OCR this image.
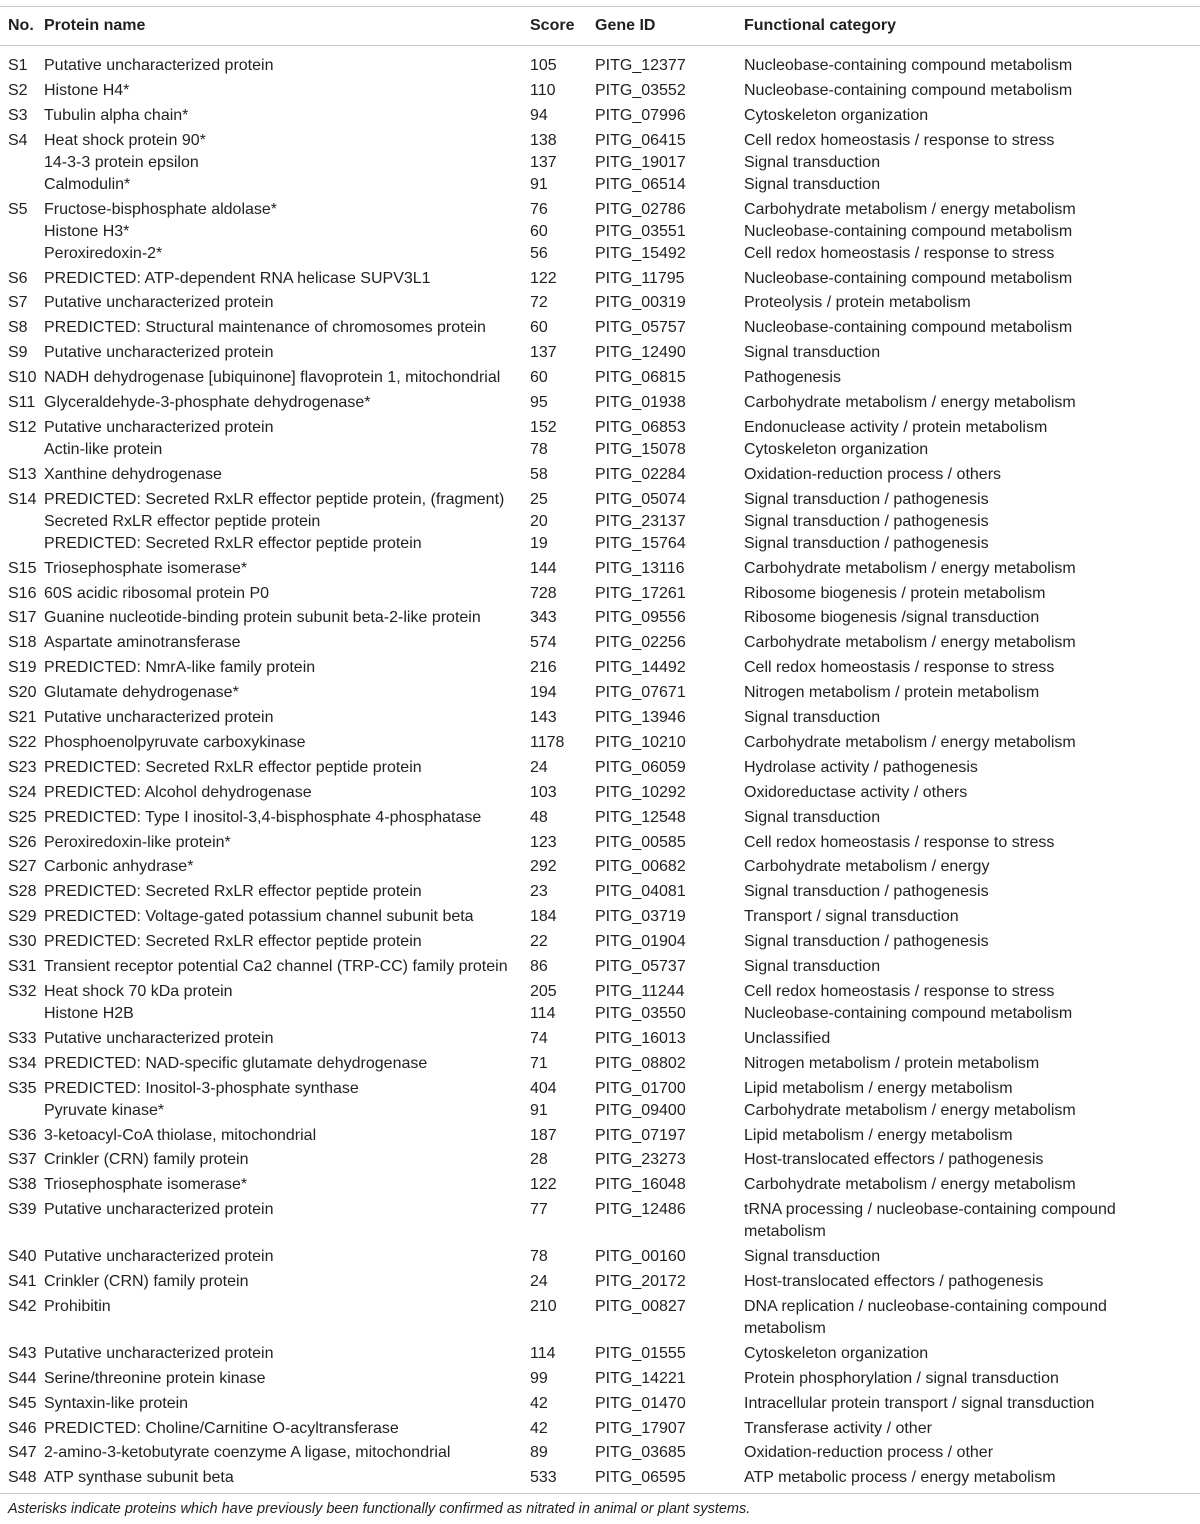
No. Protein name	Score Gene ID	Functional category
S1 Putative uncharacterized protein	105 PITG_12377	Nucleobase-containing compound metabolism
S2 Histone H4*	110 PITG_03552	Nucleobase-containing compound metabolism
S3 Tubulin alpha chain*	94	PITG_07996	Cytoskeleton organization
S4 Heat shock protein 90*	138 PITG_06415	Cell redox homeostasis / response to stress
14-3-3 protein epsilon	137 PITG_19017	Signal transduction
Calmodulin*	91	PITG_06514	Signal transduction
S5 Fructose-bisphosphate aldolase*	76	PITG_02786	Carbohydrate metabolism / energy metabolism
Histone H3*	60	PITG_03551	Nucleobase-containing compound metabolism
Peroxiredoxin-2*	56	PITG_15492	Cell redox homeostasis / response to stress
S6 PREDICTED: ATP-dependent RNA helicase SUPV3L1	122 PITG_11795	Nucleobase-containing compound metabolism
S7 Putative uncharacterized protein	72	PITG_00319	Proteolysis / protein metabolism
S8 PREDICTED: Structural maintenance of chromosomes protein	60	PITG_05757	Nucleobase-containing compound metabolism
S9 Putative uncharacterized protein	137 PITG_12490	Signal transduction
S10 NADH dehydrogenase [ubiquinone] flavoprotein 1, mitochondrial 60	PITG_06815	Pathogenesis
S11 Glyceraldehyde-3-phosphate dehydrogenase*	95	PITG_01938	Carbohydrate metabolism / energy metabolism
S12 Putative uncharacterized protein	152 PITG_06853	Endonuclease activity / protein metabolism
Actin-like protein	78	PITG_15078	Cytoskeleton organization
S13 Xanthine dehydrogenase	58	PITG_02284	Oxidation-reduction process / others
S14 PREDICTED: Secreted RxLR effector peptide protein, (fragment) 25	PITG_05074	Signal transduction / pathogenesis
Secreted RxLR effector peptide protein	20	PITG_23137	Signal transduction / pathogenesis
PREDICTED: Secreted RxLR effector peptide protein	19	PITG_15764	Signal transduction / pathogenesis
S15 Triosephosphate isomerase*	144 PITG_13116	Carbohydrate metabolism / energy metabolism
S16 60S acidic ribosomal protein P0	728 PITG_17261	Ribosome biogenesis / protein metabolism
S17 Guanine nucleotide-binding protein subunit beta-2-like protein	343 PITG_09556	Ribosome biogenesis /signal transduction
S18 Aspartate aminotransferase	574 PITG_02256	Carbohydrate metabolism / energy metabolism
S19 PREDICTED: NmrA-like family protein	216 PITG_14492	Cell redox homeostasis / response to stress
S20 Glutamate dehydrogenase*	194 PITG_07671	Nitrogen metabolism / protein metabolism
S21 Putative uncharacterized protein	143 PITG_13946	Signal transduction
S22 Phosphoenolpyruvate carboxykinase	1178 PITG_10210	Carbohydrate metabolism / energy metabolism
S23 PREDICTED: Secreted RxLR effector peptide protein	24	PITG_06059	Hydrolase activity / pathogenesis
S24 PREDICTED: Alcohol dehydrogenase	103 PITG_10292	Oxidoreductase activity / others
S25 PREDICTED: Type I inositol-3,4-bisphosphate 4-phosphatase	48	PITG_12548	Signal transduction
S26 Peroxiredoxin-like protein*	123 PITG_00585	Cell redox homeostasis / response to stress
S27 Carbonic anhydrase*	292 PITG_00682	Carbohydrate metabolism / energy
S28 PREDICTED: Secreted RxLR effector peptide protein	23	PITG_04081	Signal transduction / pathogenesis
S29 PREDICTED: Voltage-gated potassium channel subunit beta	184 PITG_03719	Transport / signal transduction
S30 PREDICTED: Secreted RxLR effector peptide protein	22	PITG_01904	Signal transduction / pathogenesis
S31 Transient receptor potential Ca2 channel (TRP-CC) family protein 86	PITG_05737	Signal transduction
S32 Heat shock 70 kDa protein	205 PITG_11244	Cell redox homeostasis / response to stress
Histone H2B	114 PITG_03550	Nucleobase-containing compound metabolism
S33 Putative uncharacterized protein	74	PITG_16013	Unclassified
S34 PREDICTED: NAD-specific glutamate dehydrogenase	71	PITG_08802	Nitrogen metabolism / protein metabolism
S35 PREDICTED: Inositol-3-phosphate synthase	404 PITG_01700	Lipid metabolism / energy metabolism
Pyruvate kinase*	91	PITG_09400	Carbohydrate metabolism / energy metabolism
S36 3-ketoacyl-CoA thiolase, mitochondrial	187 PITG_07197	Lipid metabolism / energy metabolism
S37 Crinkler (CRN) family protein	28	PITG_23273	Host-translocated effectors / pathogenesis
S38 Triosephosphate isomerase*	122 PITG_16048	Carbohydrate metabolism / energy metabolism
S39 Putative uncharacterized protein	77	PITG_12486	tRNA processing / nucleobase-containing compound
metabolism
S40 Putative uncharacterized protein	78	PITG_00160	Signal transduction
S41 Crinkler (CRN) family protein	24	PITG_20172	Host-translocated effectors / pathogenesis
S42 Prohibitin	210 PITG_00827	DNA replication / nucleobase-containing compound
metabolism
S43 Putative uncharacterized protein	114 PITG_01555	Cytoskeleton organization
S44 Serine/threonine protein kinase	99	PITG_14221	Protein phosphorylation / signal transduction
S45 Syntaxin-like protein	42	PITG_01470	Intracellular protein transport / signal transduction
S46 PREDICTED: Choline/Carnitine O-acyltransferase	42	PITG_17907	Transferase activity / other
S47 2-amino-3-ketobutyrate coenzyme A ligase, mitochondrial	89	PITG_03685	Oxidation-reduction process / other
S48 ATP synthase subunit beta	533 PITG_06595	ATP metabolic process / energy metabolism
Asterisks indicate proteins which have previously been functionally confirmed as nitrated in animal or plant systems.
